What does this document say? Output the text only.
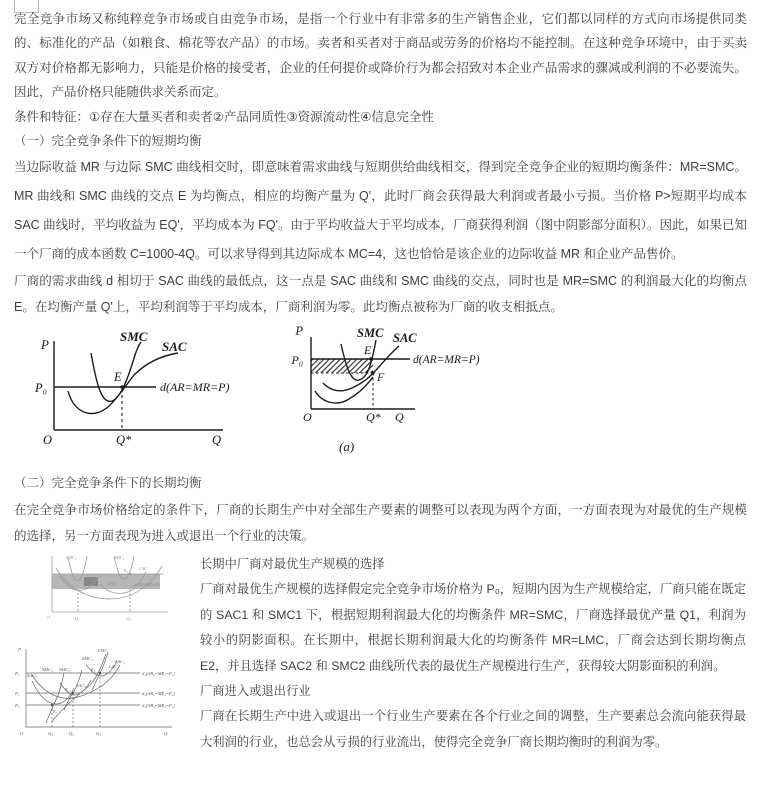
完全竞争市场又称纯粹竞争市场或自由竞争市场，是指一个行业中有非常多的生产销售企业，它们都以同样的方式向市场提供同类的、标准化的产品（如粮食、棉花等农产品）的市场。卖者和买者对于商品或劳务的价格均不能控制。在这种竞争环境中，由于买卖双方对价格都无影响力，只能是价格的接受者，企业的任何提价或降价行为都会招致对本企业产品需求的骤减或利润的不必要流失。因此，产品价格只能随供求关系而定。

条件和特征：①存在大量买者和卖者②产品同质性③资源流动性④信息完全性

（一）完全竞争条件下的短期均衡

当边际收益 MR 与边际 SMC 曲线相交时，即意味着需求曲线与短期供给曲线相交，得到完全竞争企业的短期均衡条件：MR=SMC。MR 曲线和 SMC 曲线的交点 E 为均衡点，相应的均衡产量为 Q'，此时厂商会获得最大利润或者最小亏损。当价格 P>短期平均成本 SAC 曲线时，平均收益为 EQ'，平均成本为 FQ'。由于平均收益大于平均成本，厂商获得利润（图中阴影部分面积）。因此，如果已知一个厂商的成本函数 C=1000-4Q。可以求导得到其边际成本 MC=4，这也恰恰是该企业的边际收益 MR 和企业产品售价。

厂商的需求曲线 d 相切于 SAC 曲线的最低点，这一点是 SAC 曲线和 SMC 曲线的交点，同时也是 MR=SMC 的利润最大化的均衡点 E。在均衡产量 Q'上，平均利润等于平均成本，厂商利润为零。此均衡点被称为厂商的收支相抵点。

P
P₀
E
SMC
SAC
d(AR=MR=P)
O	Q*	Q
P
P₀
E
F
SMC SAC
d(AR=MR=P)
O	Q* Q
(a)

（二）完全竞争条件下的长期均衡

在完全竞争市场价格给定的条件下，厂商的长期生产中对全部生产要素的调整可以表现为两个方面，一方面表现为对最优的生产规模的选择，另一方面表现为进入或退出一个行业的决策。

SMC₁	SMC₂
SAC₂
LAC
E₂
d(AR=MR=P)
O	Q₁	Q₂
P
P₁
P₂
P₃
d₁(AR₁=MR₁=P₁)
d₂(AR₂=MR₂=P₂)
d₃(AR₃=MR₃=P₃)
LMC
LAC
SAC₃
SMC₃ SMC₂
SAC₂
SMC₁
SAC₁
E₁
E₂
E₃
O	Q₃	Q₂	Q₁	Q

长期中厂商对最优生产规模的选择

厂商对最优生产规模的选择假定完全竞争市场价格为 P₀，短期内因为生产规模给定，厂商只能在既定的 SAC1 和 SMC1 下，根据短期利润最大化的均衡条件 MR=SMC，厂商选择最优产量 Q1，利润为较小的阴影面积。在长期中，根据长期利润最大化的均衡条件 MR=LMC，厂商会达到长期均衡点 E2，并且选择 SAC2 和 SMC2 曲线所代表的最优生产规模进行生产，获得较大阴影面积的利润。

厂商进入或退出行业

厂商在长期生产中进入或退出一个行业生产要素在各个行业之间的调整，生产要素总会流向能获得最大利润的行业，也总会从亏损的行业流出，使得完全竞争厂商长期均衡时的利润为零。
